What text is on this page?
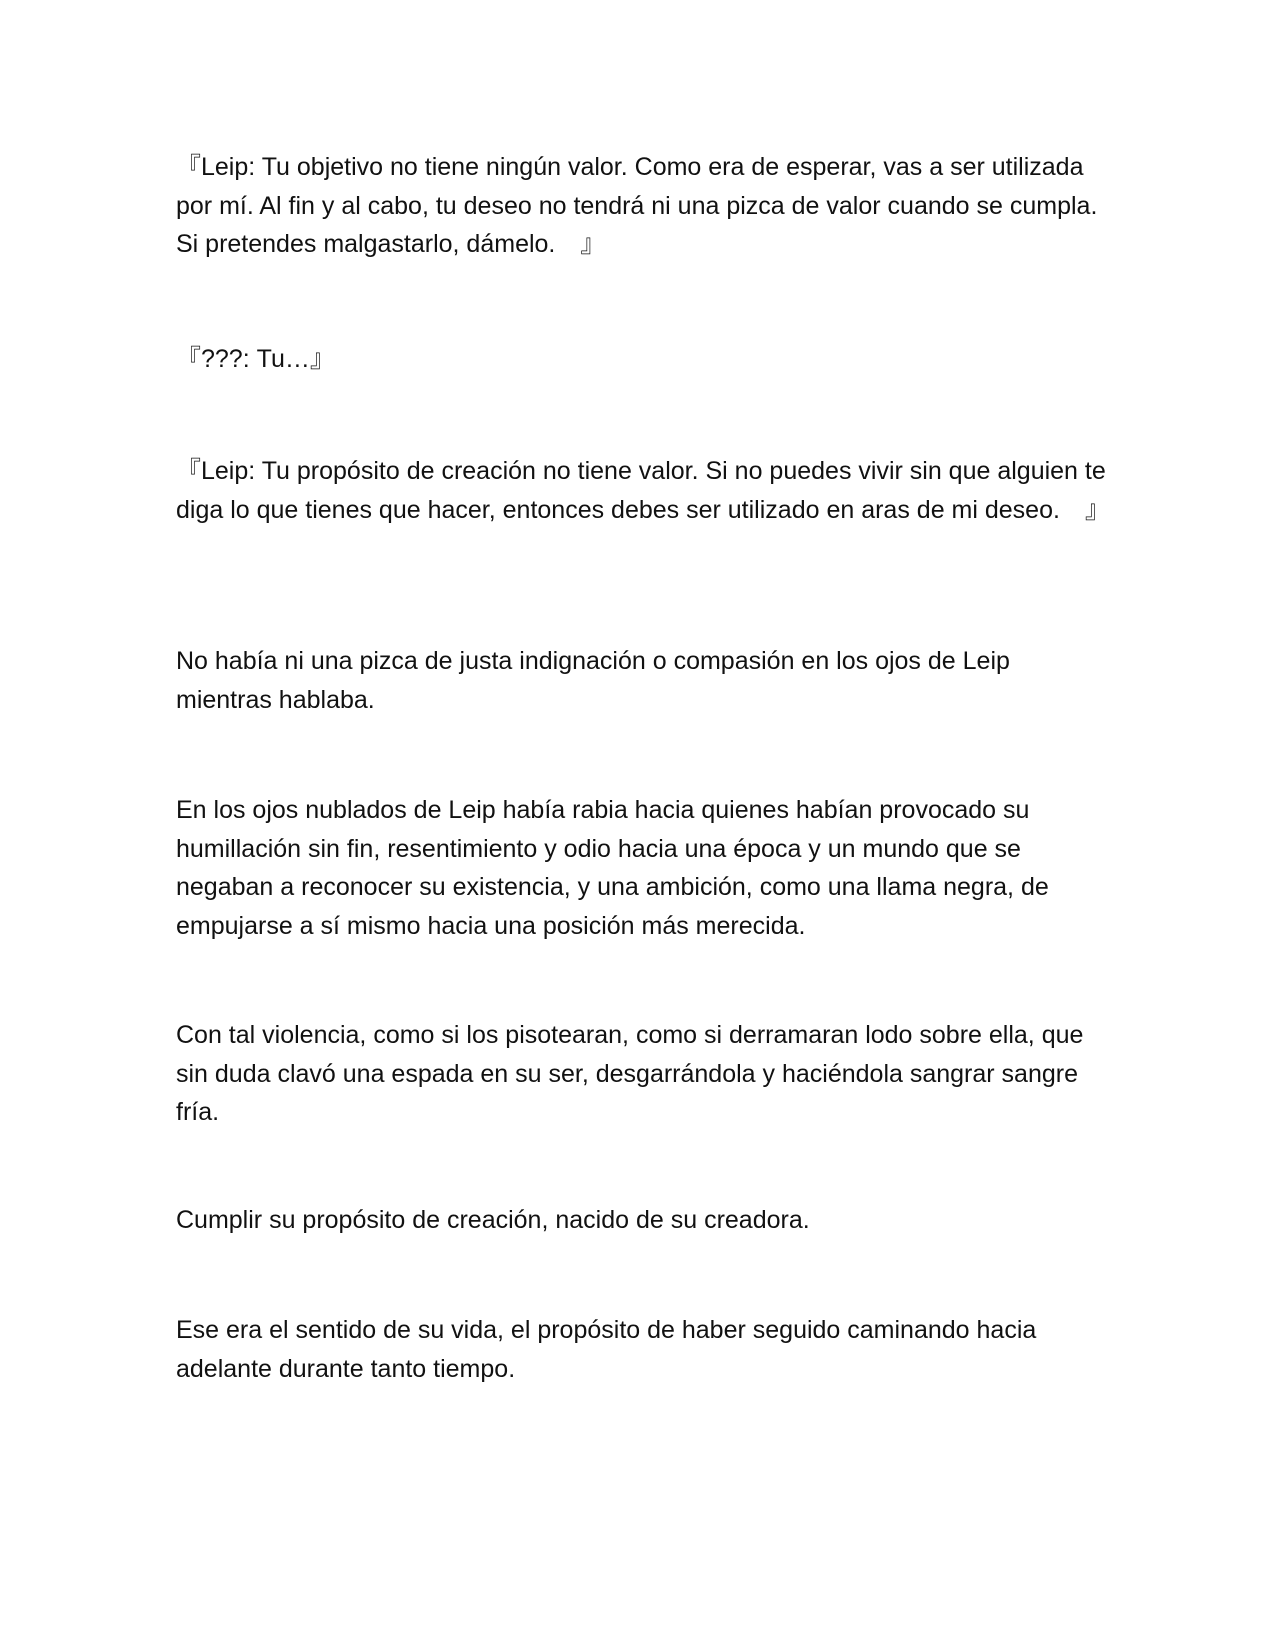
『Leip: Tu objetivo no tiene ningún valor. Como era de esperar, vas a ser utilizada por mí. Al fin y al cabo, tu deseo no tendrá ni una pizca de valor cuando se cumpla. Si pretendes malgastarlo, dámelo.　』

『???: Tu…』

『Leip: Tu propósito de creación no tiene valor. Si no puedes vivir sin que alguien te diga lo que tienes que hacer, entonces debes ser utilizado en aras de mi deseo.　』

No había ni una pizca de justa indignación o compasión en los ojos de Leip mientras hablaba.

En los ojos nublados de Leip había rabia hacia quienes habían provocado su humillación sin fin, resentimiento y odio hacia una época y un mundo que se negaban a reconocer su existencia, y una ambición, como una llama negra, de empujarse a sí mismo hacia una posición más merecida.

Con tal violencia, como si los pisotearan, como si derramaran lodo sobre ella, que sin duda clavó una espada en su ser, desgarrándola y haciéndola sangrar sangre fría.

Cumplir su propósito de creación, nacido de su creadora.

Ese era el sentido de su vida, el propósito de haber seguido caminando hacia adelante durante tanto tiempo.
